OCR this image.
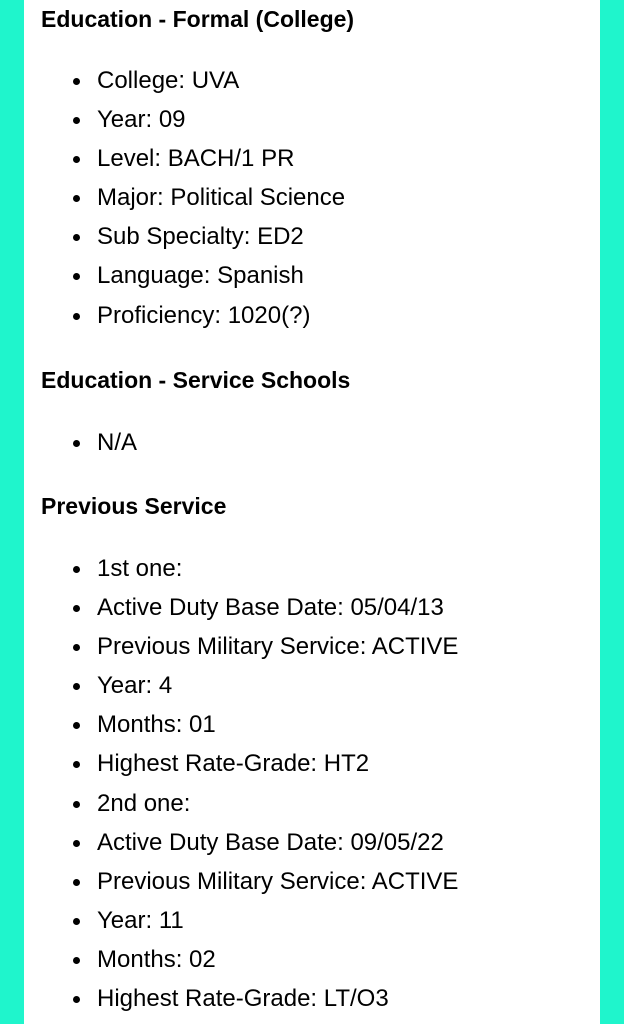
Education - Formal (College)
College: UVA
Year: 09
Level: BACH/1 PR
Major: Political Science
Sub Specialty: ED2
Language: Spanish
Proficiency: 1020(?)
Education - Service Schools
N/A
Previous Service
1st one:
Active Duty Base Date: 05/04/13
Previous Military Service: ACTIVE
Year: 4
Months: 01
Highest Rate-Grade: HT2
2nd one:
Active Duty Base Date: 09/05/22
Previous Military Service: ACTIVE
Year: 11
Months: 02
Highest Rate-Grade: LT/O3
